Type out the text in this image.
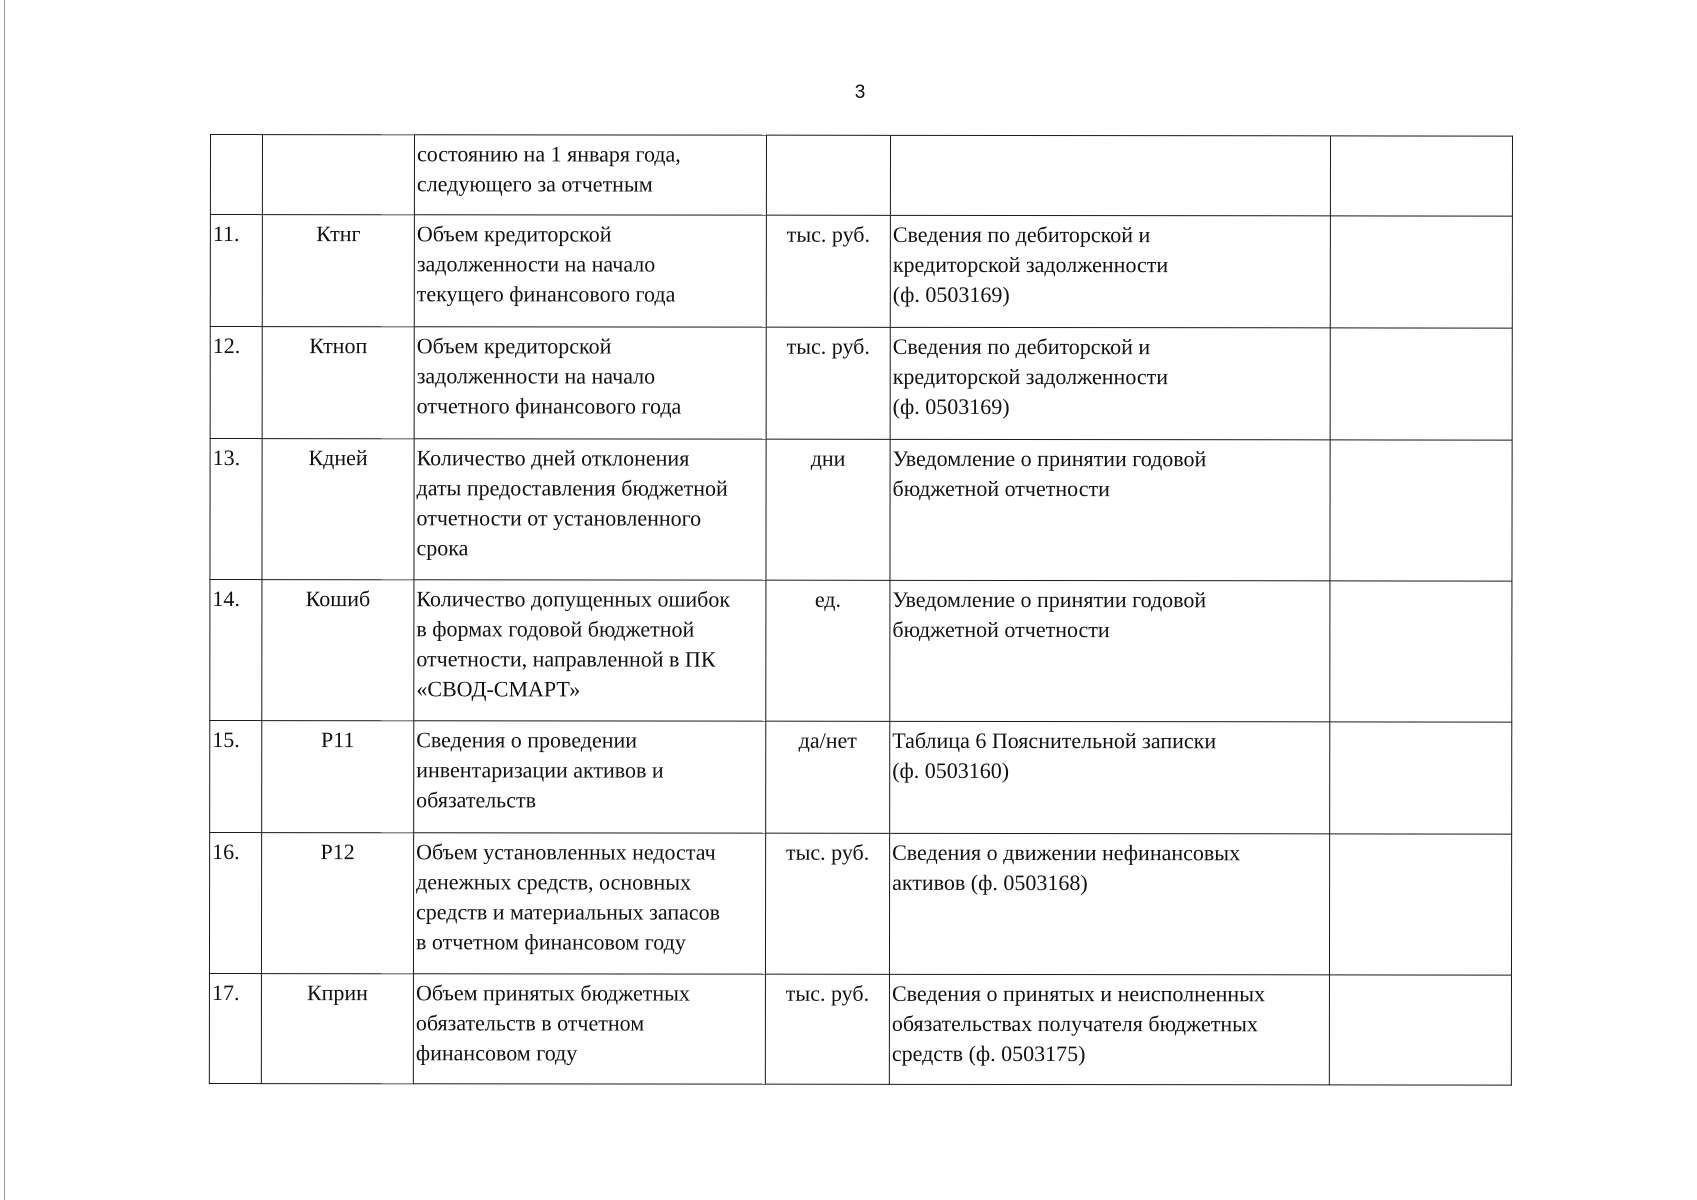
3
		состоянию на 1 января года,
следующего за отчетным			
11.	Ктнг	Объем кредиторской
задолженности на начало
текущего финансового года	тыс. руб.	Сведения по дебиторской и
кредиторской задолженности
(ф. 0503169)	
12.	Ктноп	Объем кредиторской
задолженности на начало
отчетного финансового года	тыс. руб.	Сведения по дебиторской и
кредиторской задолженности
(ф. 0503169)	
13.	Кдней	Количество дней отклонения
даты предоставления бюджетной
отчетности от установленного
срока	дни	Уведомление о принятии годовой
бюджетной отчетности	
14.	Кошиб	Количество допущенных ошибок
в формах годовой бюджетной
отчетности, направленной в ПК
«СВОД-СМАРТ»	ед.	Уведомление о принятии годовой
бюджетной отчетности	
15.	Р11	Сведения о проведении
инвентаризации активов и
обязательств	да/нет	Таблица 6 Пояснительной записки
(ф. 0503160)	
16.	Р12	Объем установленных недостач
денежных средств, основных
средств и материальных запасов
в отчетном финансовом году	тыс. руб.	Сведения о движении нефинансовых
активов (ф. 0503168)	
17.	Кприн	Объем принятых бюджетных
обязательств в отчетном
финансовом году	тыс. руб.	Сведения о принятых и неисполненных
обязательствах получателя бюджетных
средств (ф. 0503175)	
